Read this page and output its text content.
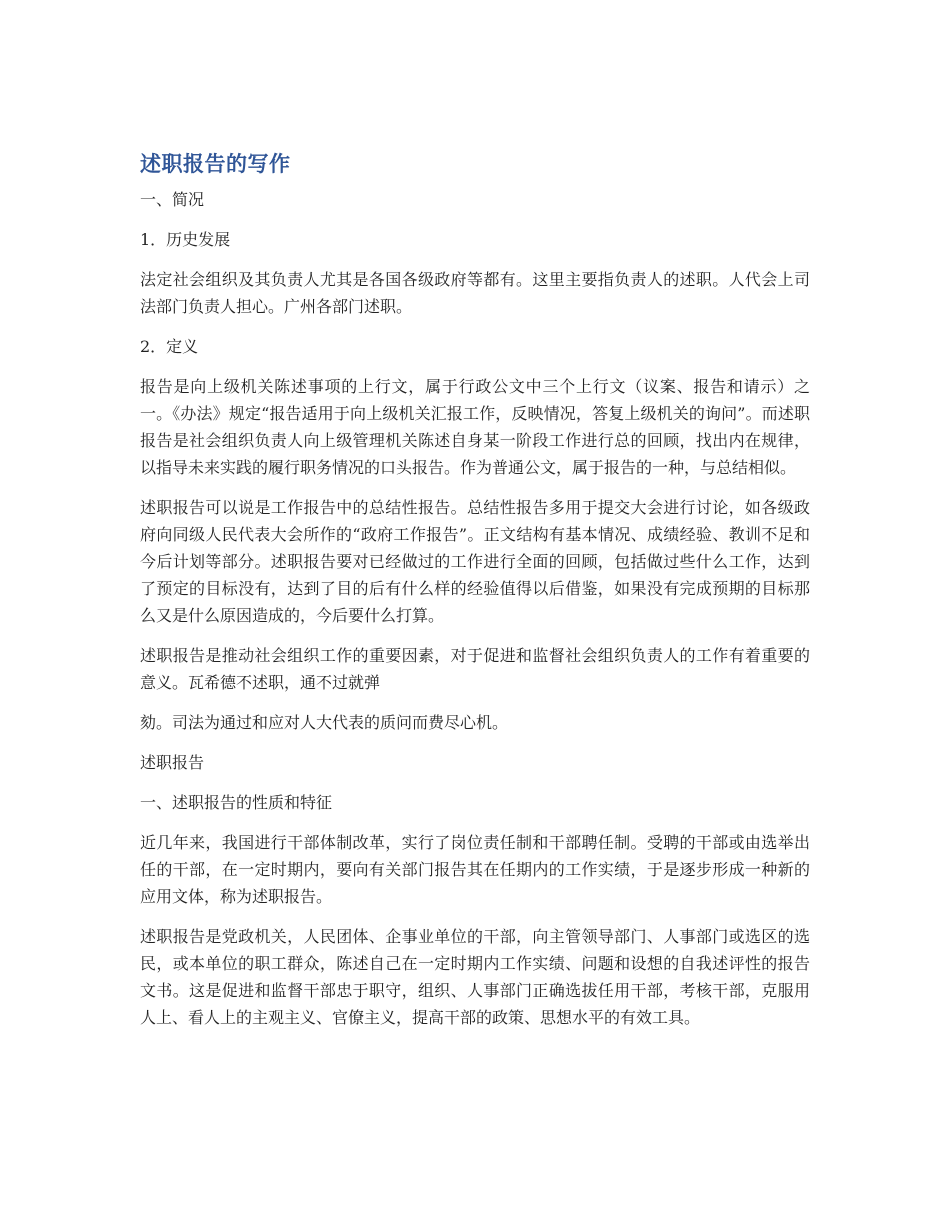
述职报告的写作

一、简况

1．历史发展

法定社会组织及其负责人尤其是各国各级政府等都有。这里主要指负责人的述职。人代会上司法部门负责人担心。广州各部门述职。

2．定义

报告是向上级机关陈述事项的上行文，属于行政公文中三个上行文（议案、报告和请示）之一。《办法》规定“报告适用于向上级机关汇报工作，反映情况，答复上级机关的询问”。而述职报告是社会组织负责人向上级管理机关陈述自身某一阶段工作进行总的回顾，找出内在规律，以指导未来实践的履行职务情况的口头报告。作为普通公文，属于报告的一种，与总结相似。

述职报告可以说是工作报告中的总结性报告。总结性报告多用于提交大会进行讨论，如各级政府向同级人民代表大会所作的“政府工作报告”。正文结构有基本情况、成绩经验、教训不足和今后计划等部分。述职报告要对已经做过的工作进行全面的回顾，包括做过些什么工作，达到了预定的目标没有，达到了目的后有什么样的经验值得以后借鉴，如果没有完成预期的目标那么又是什么原因造成的，今后要什么打算。

述职报告是推动社会组织工作的重要因素，对于促进和监督社会组织负责人的工作有着重要的意义。瓦希德不述职，通不过就弹

劾。司法为通过和应对人大代表的质问而费尽心机。

述职报告

一、述职报告的性质和特征

近几年来，我国进行干部体制改革，实行了岗位责任制和干部聘任制。受聘的干部或由选举出任的干部，在一定时期内，要向有关部门报告其在任期内的工作实绩，于是逐步形成一种新的应用文体，称为述职报告。

述职报告是党政机关，人民团体、企事业单位的干部，向主管领导部门、人事部门或选区的选民，或本单位的职工群众，陈述自己在一定时期内工作实绩、问题和设想的自我述评性的报告文书。这是促进和监督干部忠于职守，组织、人事部门正确选拔任用干部，考核干部，克服用人上、看人上的主观主义、官僚主义，提高干部的政策、思想水平的有效工具。
